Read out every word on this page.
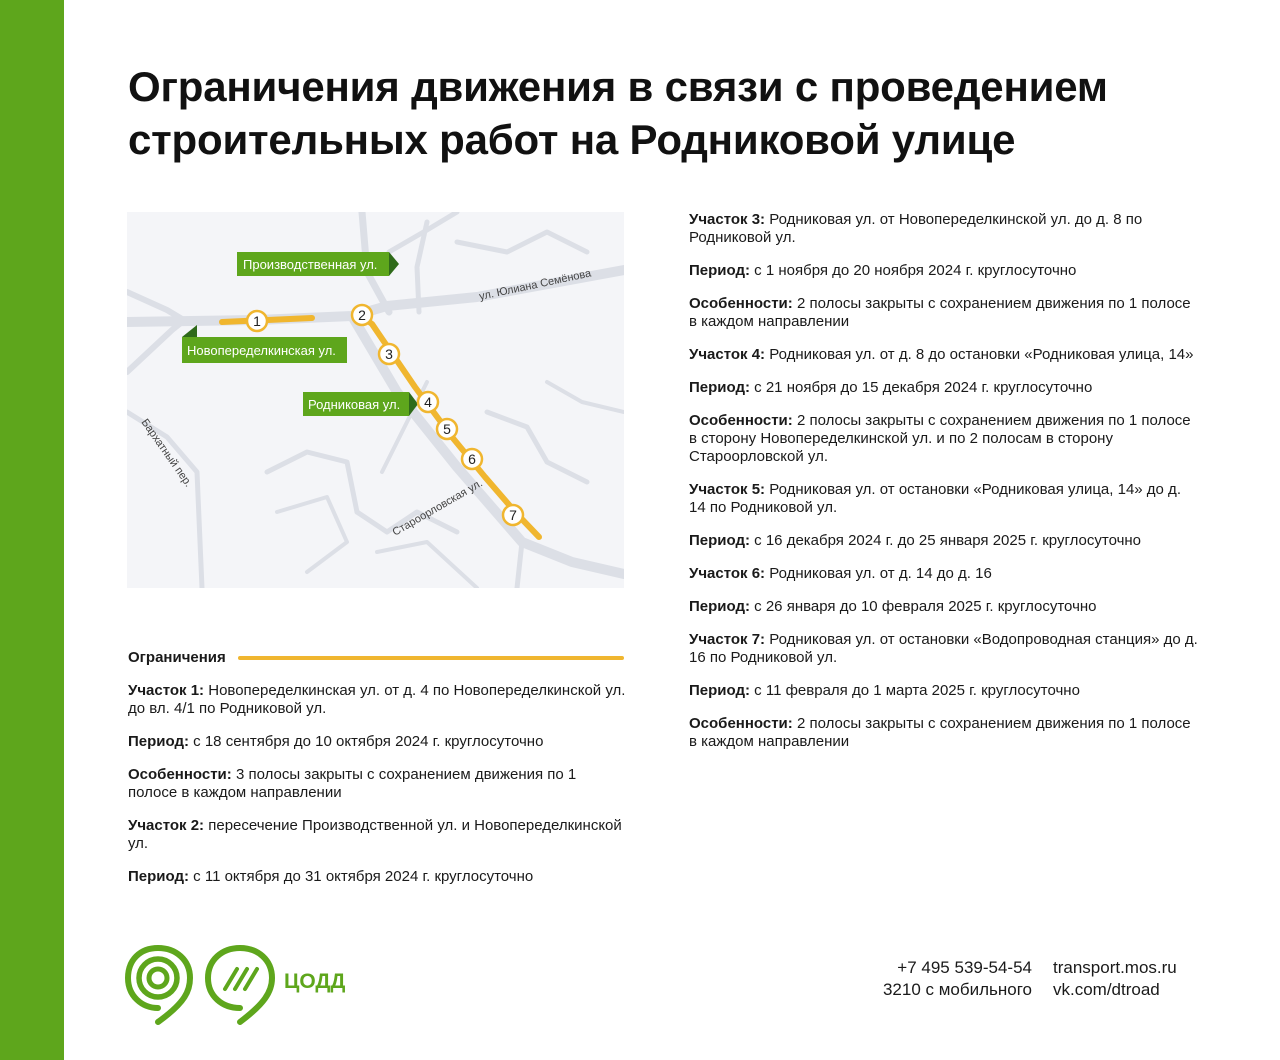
Ограничения движения в связи с проведением строительных работ на Родниковой улице
Производственная ул.
Новопеределкинская ул.
Родниковая ул.
ул. Юлиана Семёнова
Бархатный пер.
Староорловская ул.
1	2
3
4
5
6
7
Ограничения

Участок 1: Новопеределкинская ул. от д. 4 по Новопеределкинской ул. до вл. 4/1 по Родниковой ул.

Период: с 18 сентября до 10 октября 2024 г. круглосуточно

Особенности: 3 полосы закрыты с сохранением движения по 1 полосе в каждом направлении

Участок 2: пересечение Производственной ул. и Новопеределкинской ул.

Период: с 11 октября до 31 октября 2024 г. круглосуточно

Участок 3: Родниковая ул. от Новопеределкинской ул. до д. 8 по Родниковой ул.

Период: с 1 ноября до 20 ноября 2024 г. круглосуточно

Особенности: 2 полосы закрыты с сохранением движения по 1 полосе в каждом направлении

Участок 4: Родниковая ул. от д. 8 до остановки «Родниковая улица, 14»

Период: с 21 ноября до 15 декабря 2024 г. круглосуточно

Особенности: 2 полосы закрыты с сохранением движения по 1 полосе в сторону Новопеределкинской ул. и по 2 полосам в сторону Староорловской ул.

Участок 5: Родниковая ул. от остановки «Родниковая улица, 14» до д. 14 по Родниковой ул.

Период: с 16 декабря 2024 г. до 25 января 2025 г. круглосуточно

Участок 6: Родниковая ул. от д. 14 до д. 16

Период: с 26 января до 10 февраля 2025 г. круглосуточно

Участок 7: Родниковая ул. от остановки «Водопроводная станция» до д. 16 по Родниковой ул.

Период: с 11 февраля до 1 марта 2025 г. круглосуточно

Особенности: 2 полосы закрыты с сохранением движения по 1 полосе в каждом направлении

ЦОДД
+7 495 539-54-54
3210 с мобильного
transport.mos.ru
vk.com/dtroad
